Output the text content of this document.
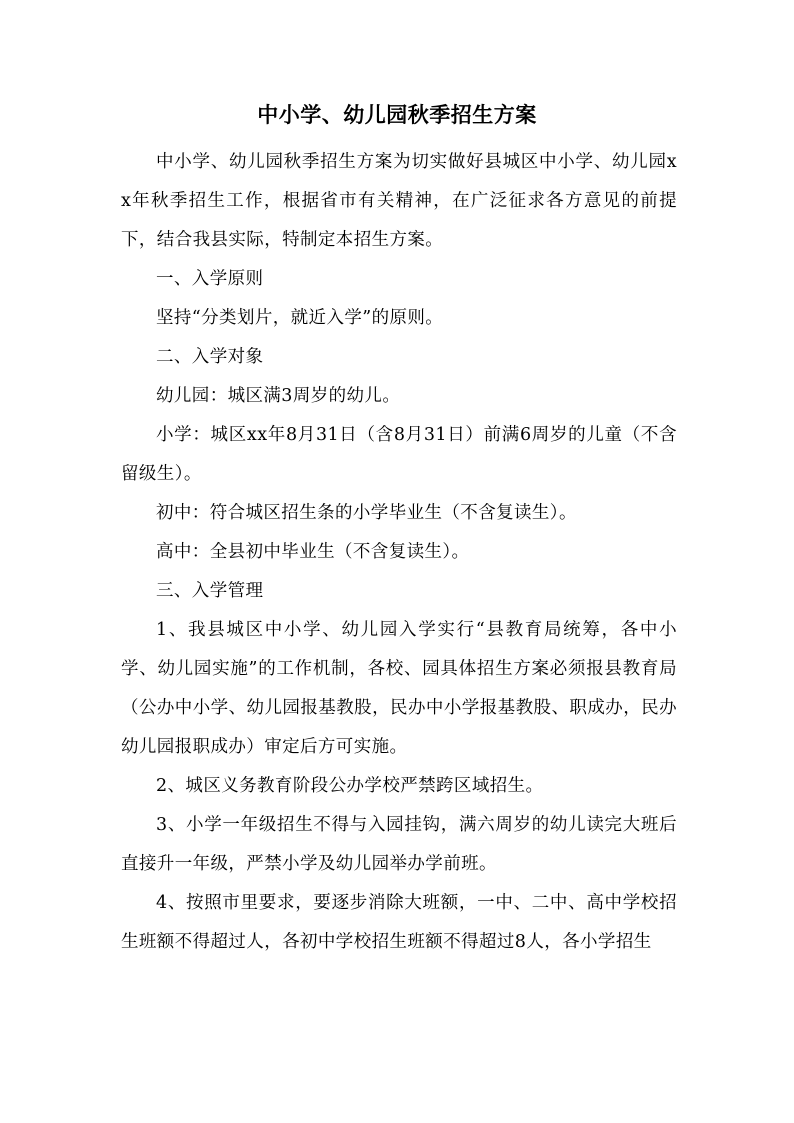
中小学、幼儿园秋季招生方案

中小学、幼儿园秋季招生方案为切实做好县城区中小学、幼儿园xx年秋季招生工作，根据省市有关精神，在广泛征求各方意见的前提下，结合我县实际，特制定本招生方案。

一、入学原则

坚持“分类划片，就近入学”的原则。

二、入学对象

幼儿园：城区满3周岁的幼儿。

小学：城区xx年8月31日（含8月31日）前满6周岁的儿童（不含留级生）。

初中：符合城区招生条的小学毕业生（不含复读生）。

高中：全县初中毕业生（不含复读生）。

三、入学管理

1、我县城区中小学、幼儿园入学实行“县教育局统筹，各中小学、幼儿园实施”的工作机制，各校、园具体招生方案必须报县教育局（公办中小学、幼儿园报基教股，民办中小学报基教股、职成办，民办幼儿园报职成办）审定后方可实施。

2、城区义务教育阶段公办学校严禁跨区域招生。

3、小学一年级招生不得与入园挂钩，满六周岁的幼儿读完大班后直接升一年级，严禁小学及幼儿园举办学前班。

4、按照市里要求，要逐步消除大班额，一中、二中、高中学校招生班额不得超过人，各初中学校招生班额不得超过8人，各小学招生
